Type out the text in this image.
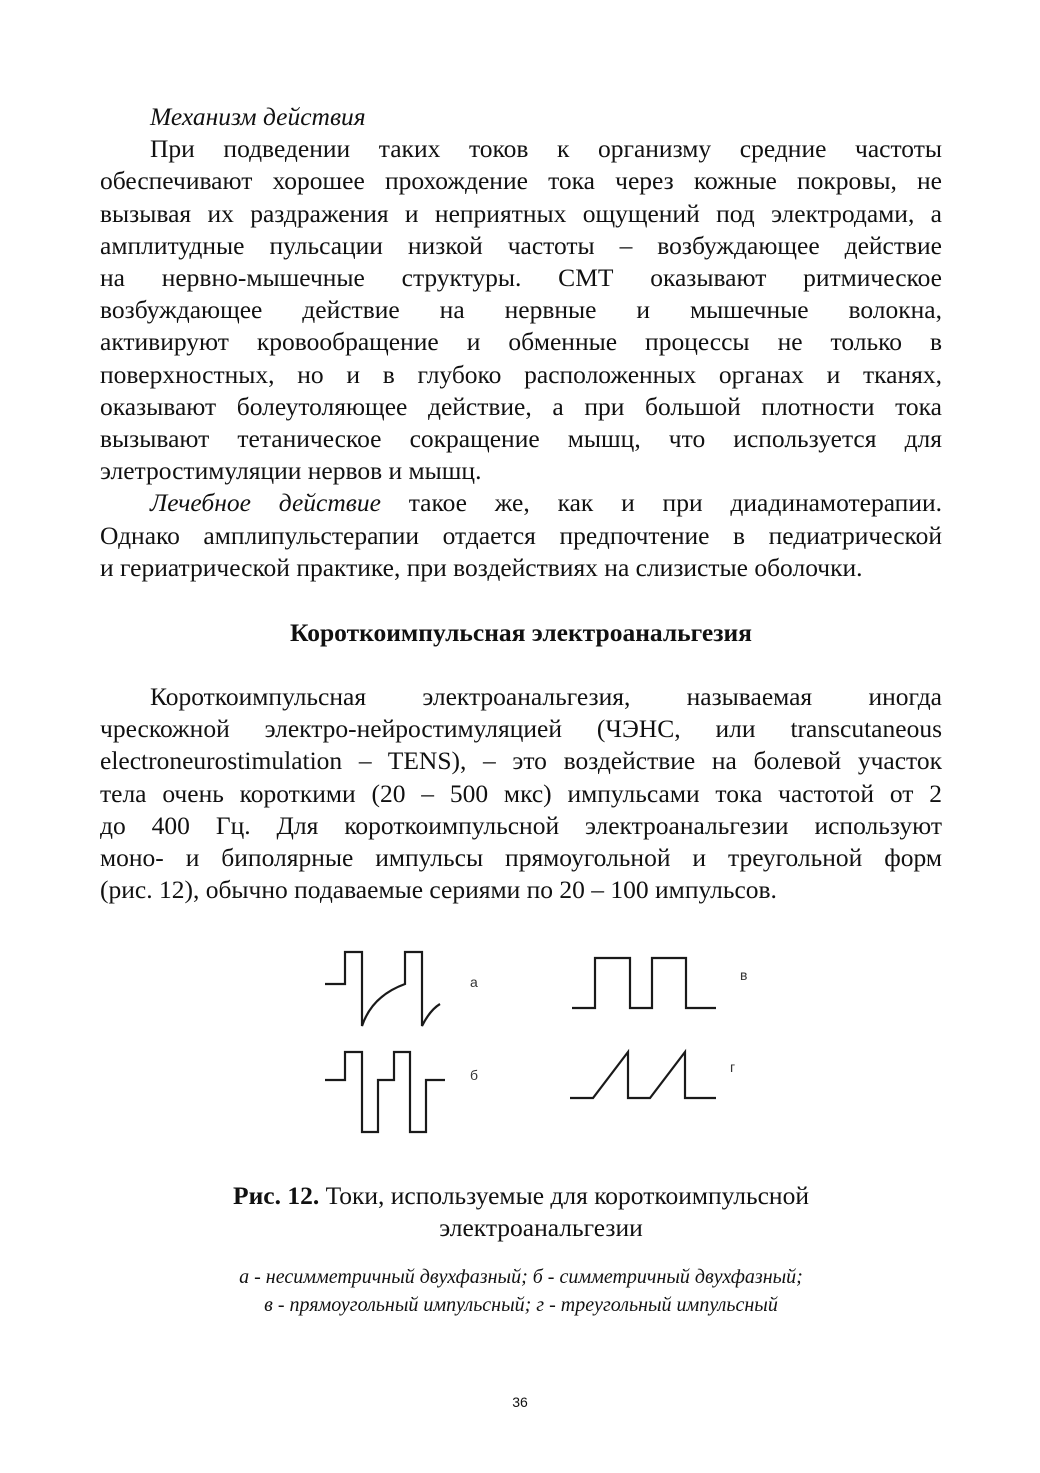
Механизм действия
При подведении таких токов к организму средние частоты
обеспечивают хорошее прохождение тока через кожные покровы, не
вызывая их раздражения и неприятных ощущений под электродами, а
амплитудные пульсации низкой частоты – возбуждающее действие
на нервно-мышечные структуры. СМТ оказывают ритмическое
возбуждающее действие на нервные и мышечные волокна,
активируют кровообращение и обменные процессы не только в
поверхностных, но и в глубоко расположенных органах и тканях,
оказывают болеутоляющее действие, а при большой плотности тока
вызывают тетаническое сокращение мышц, что используется для
элетростимуляции нервов и мышц.
Лечебное действие такое же, как и при диадинамотерапии.
Однако амплипульстерапии отдается предпочтение в педиатрической
и гериатрической практике, при воздействиях на слизистые оболочки.
Короткоимпульсная электроанальгезия
Короткоимпульсная электроанальгезия, называемая иногда
чрескожной электро-нейростимуляцией (ЧЭНС, или transcutaneous
electroneurostimulation – TENS), – это воздействие на болевой участок
тела очень короткими (20 – 500 мкс) импульсами тока частотой от 2
до 400 Гц. Для короткоимпульсной электроанальгезии используют
моно- и биполярные импульсы прямоугольной и треугольной форм
(рис. 12), обычно подаваемые сериями по 20 – 100 импульсов.
а
б
в
г
Рис. 12. Токи, используемые для короткоимпульсной
электроанальгезии
а - несимметричный двухфазный; б - симметричный двухфазный;
в - прямоугольный импульсный; г - треугольный импульсный
36
